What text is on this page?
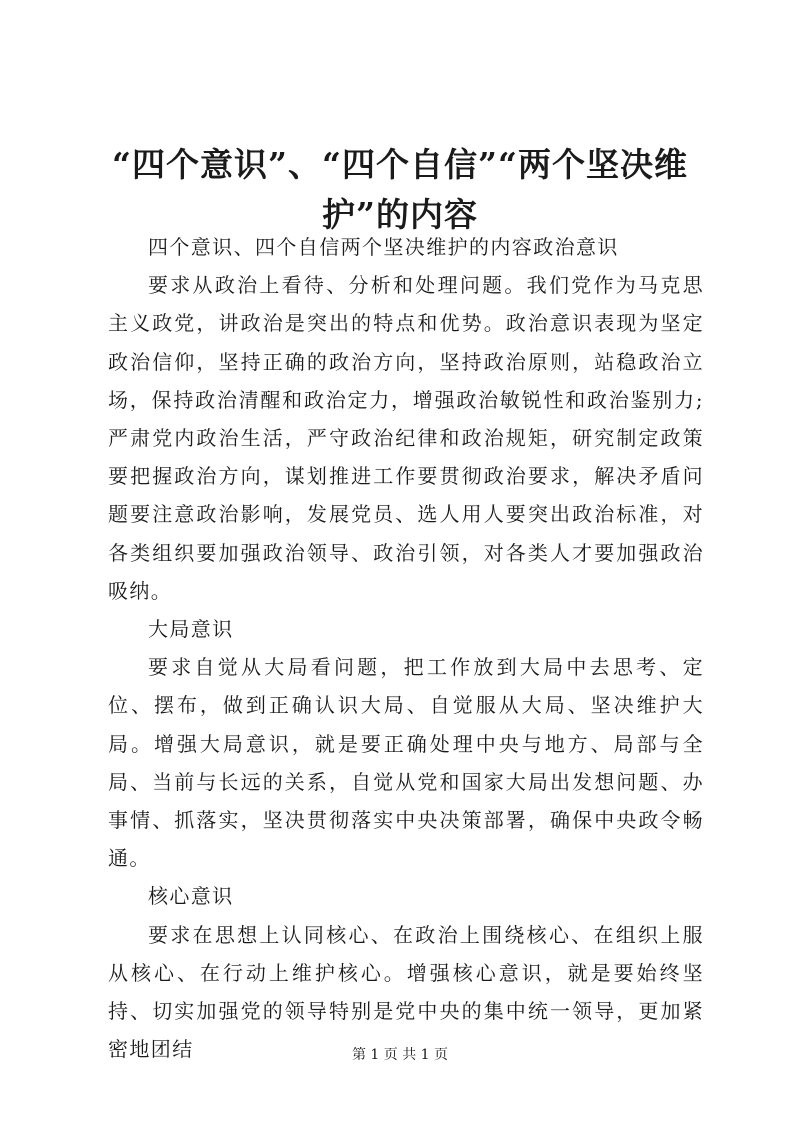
“四个意识”、“四个自信”“两个坚决维护”的内容

四个意识、四个自信两个坚决维护的内容政治意识

要求从政治上看待、分析和处理问题。我们党作为马克思主义政党，讲政治是突出的特点和优势。政治意识表现为坚定政治信仰，坚持正确的政治方向，坚持政治原则，站稳政治立场，保持政治清醒和政治定力，增强政治敏锐性和政治鉴别力;严肃党内政治生活，严守政治纪律和政治规矩，研究制定政策要把握政治方向，谋划推进工作要贯彻政治要求，解决矛盾问题要注意政治影响，发展党员、选人用人要突出政治标准，对各类组织要加强政治领导、政治引领，对各类人才要加强政治吸纳。

大局意识

要求自觉从大局看问题，把工作放到大局中去思考、定位、摆布，做到正确认识大局、自觉服从大局、坚决维护大局。增强大局意识，就是要正确处理中央与地方、局部与全局、当前与长远的关系，自觉从党和国家大局出发想问题、办事情、抓落实，坚决贯彻落实中央决策部署，确保中央政令畅通。

核心意识

要求在思想上认同核心、在政治上围绕核心、在组织上服从核心、在行动上维护核心。增强核心意识，就是要始终坚持、切实加强党的领导特别是党中央的集中统一领导，更加紧密地团结	第 1 页 共 1 页
